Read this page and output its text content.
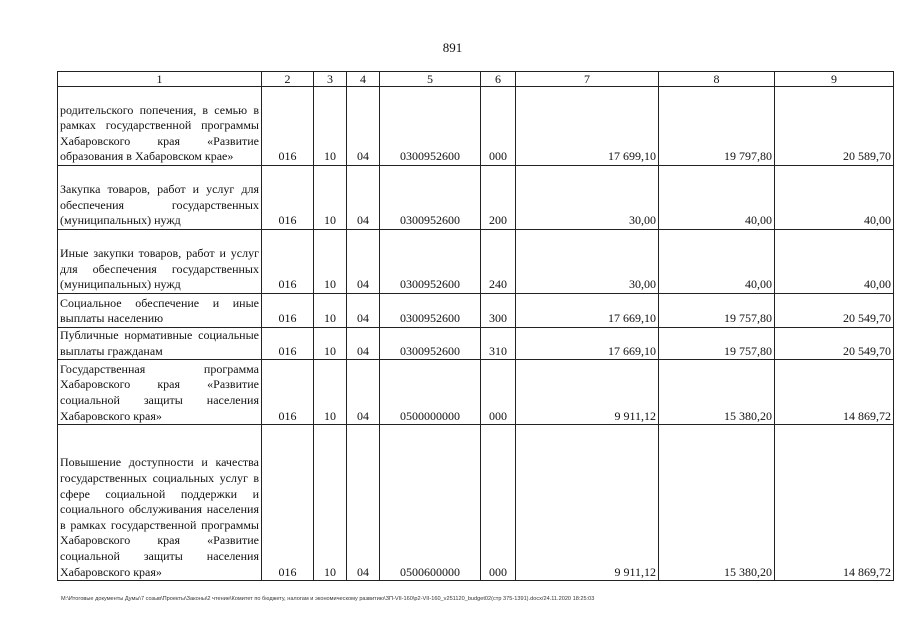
891
1	2	3	4	5	6	7	8	9
родительского попечения, в семью в рамках государственной программы Хабаровского края «Развитие образования в Хабаровском крае»	016	10	04	0300952600	000	17 699,10	19 797,80	20 589,70
Закупка товаров, работ и услуг для обеспечения государственных (муниципальных) нужд	016	10	04	0300952600	200	30,00	40,00	40,00
Иные закупки товаров, работ и услуг для обеспечения государственных (муниципальных) нужд	016	10	04	0300952600	240	30,00	40,00	40,00
Социальное обеспечение и иные выплаты населению	016	10	04	0300952600	300	17 669,10	19 757,80	20 549,70
Публичные нормативные социальные выплаты гражданам	016	10	04	0300952600	310	17 669,10	19 757,80	20 549,70
Государственная программа Хабаровского края «Развитие социальной защиты населения Хабаровского края»	016	10	04	0500000000	000	9 911,12	15 380,20	14 869,72
Повышение доступности и качества государственных социальных услуг в сфере социальной поддержки и социального обслуживания населения в рамках государственной программы Хабаровского края «Развитие социальной защиты населения Хабаровского края»	016	10	04	0500600000	000	9 911,12	15 380,20	14 869,72
M:\Итоговые документы Думы\7 созыв\Проекты\Законы\2 чтение\Комитет по бюджету, налогам и экономическому развитию\ЗП-VII-160\р2-VII-160_v251120_budget02(стр 375-1391).docx/24.11.2020 18:25:03
